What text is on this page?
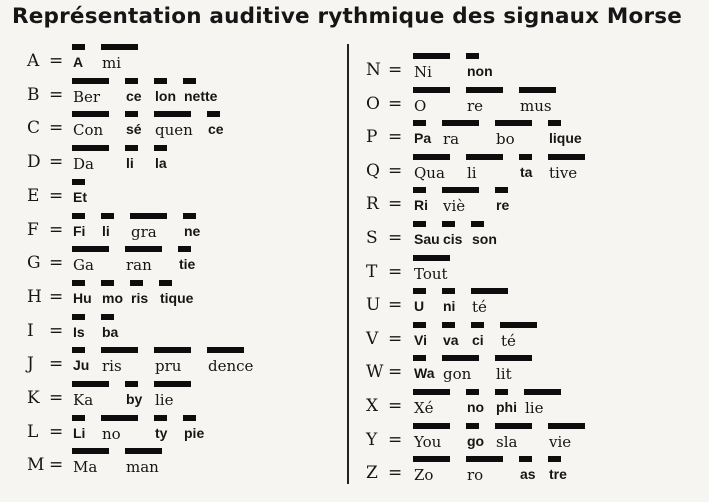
Représentation auditive rythmique des signaux Morse
A = A mi
B = Ber ce lon nette
C = Con sé quen ce
D = Da li la
E = Et
F = Fi li gra ne
G = Ga ran tie
H = Hu mo ris tique
I = Is ba
J = Ju ris pru dence
K = Ka by lie
L = Li no ty pie
M = Ma man
N = Ni	non
O = O	re mus
P = Pa ra bo lique
Q = Qua li	ta tive
R = Ri viè re
S = Sau cis son
T = Tout
U = U ni té
V = Vi va ci té
W = Wa gon lit
X = Xé no phi lie
Y = You go sla vie
Z = Zo ro	as tre
